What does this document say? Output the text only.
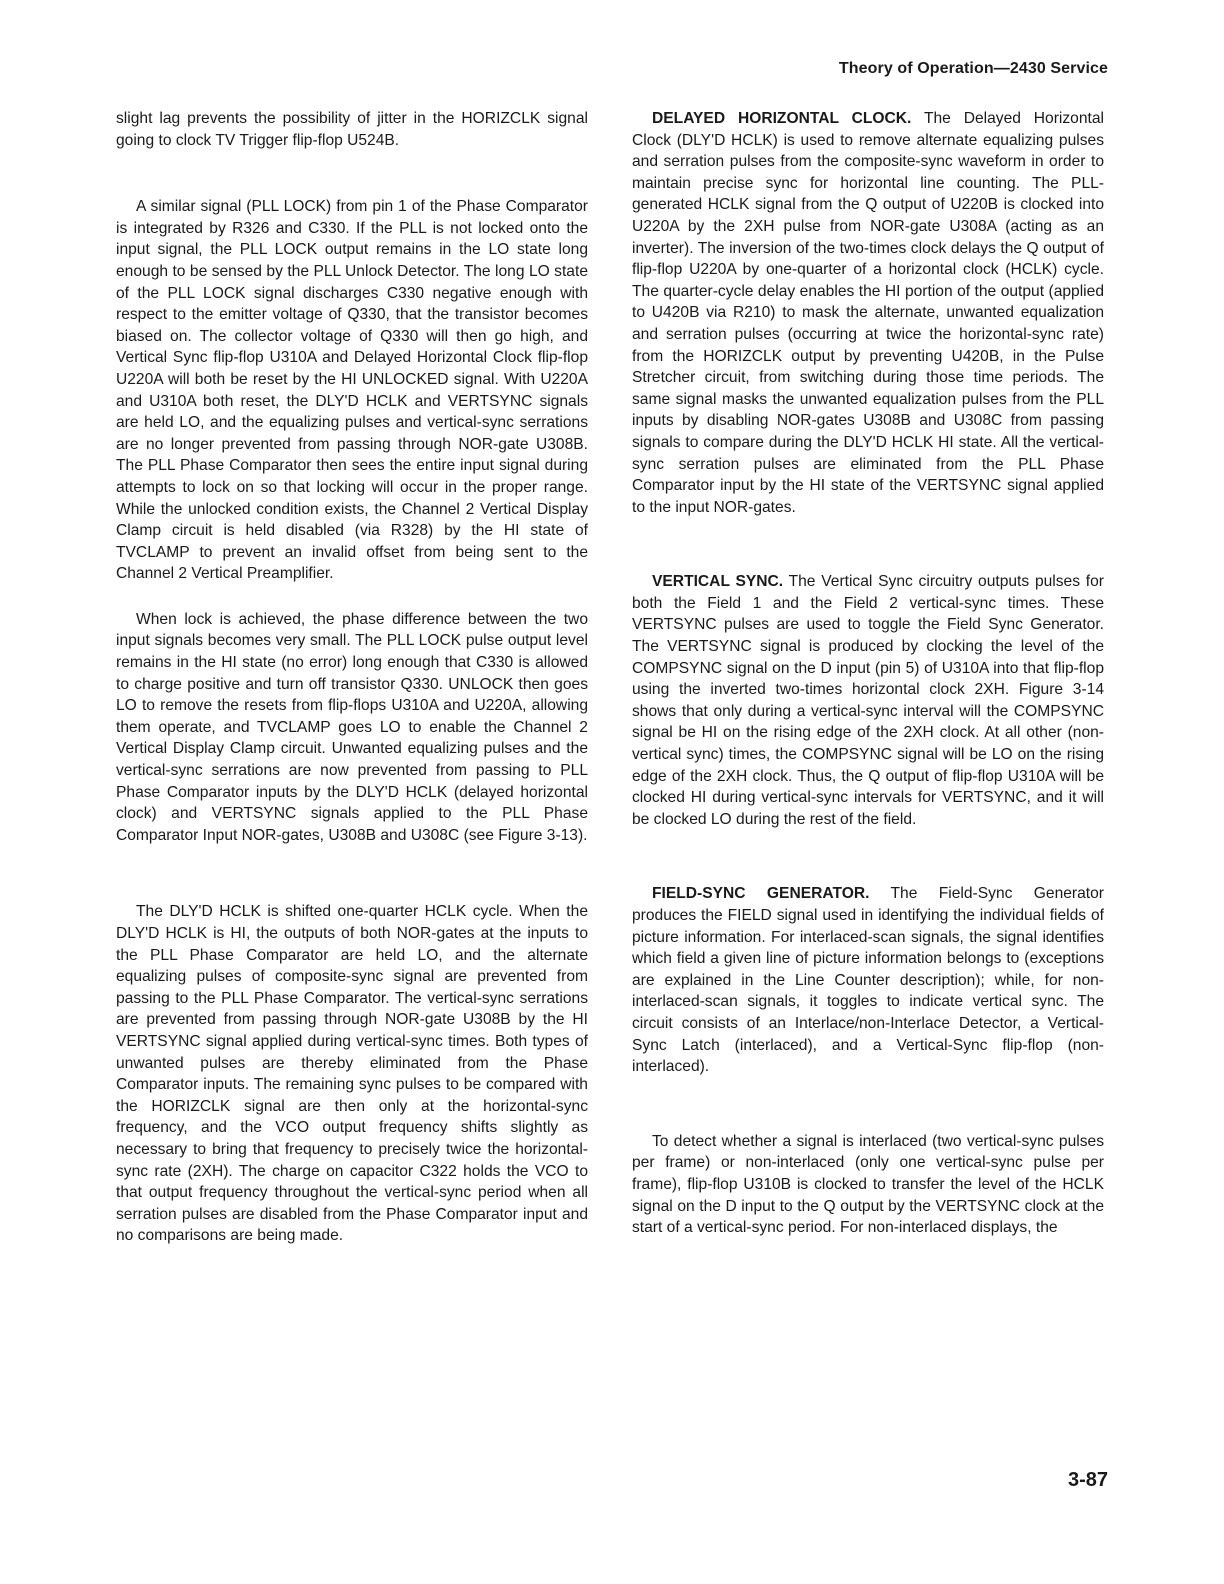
Theory of Operation—2430 Service

slight lag prevents the possibility of jitter in the HORIZCLK signal going to clock TV Trigger flip-flop U524B.

A similar signal (PLL LOCK) from pin 1 of the Phase Comparator is integrated by R326 and C330. If the PLL is not locked onto the input signal, the PLL LOCK output remains in the LO state long enough to be sensed by the PLL Unlock Detector. The long LO state of the PLL LOCK signal discharges C330 negative enough with respect to the emitter voltage of Q330, that the transistor becomes biased on. The collector voltage of Q330 will then go high, and Vertical Sync flip-flop U310A and Delayed Horizontal Clock flip-flop U220A will both be reset by the HI UNLOCKED signal. With U220A and U310A both reset, the DLY'D HCLK and VERTSYNC signals are held LO, and the equalizing pulses and vertical-sync serrations are no longer prevented from passing through NOR-gate U308B. The PLL Phase Comparator then sees the entire input signal during attempts to lock on so that locking will occur in the proper range. While the unlocked condition exists, the Channel 2 Vertical Display Clamp circuit is held disabled (via R328) by the HI state of TVCLAMP to prevent an invalid offset from being sent to the Channel 2 Vertical Preamplifier.

When lock is achieved, the phase difference between the two input signals becomes very small. The PLL LOCK pulse output level remains in the HI state (no error) long enough that C330 is allowed to charge positive and turn off transistor Q330. UNLOCK then goes LO to remove the resets from flip-flops U310A and U220A, allowing them operate, and TVCLAMP goes LO to enable the Channel 2 Vertical Display Clamp circuit. Unwanted equalizing pulses and the vertical-sync serrations are now prevented from passing to PLL Phase Comparator inputs by the DLY'D HCLK (delayed horizontal clock) and VERTSYNC signals applied to the PLL Phase Comparator Input NOR-gates, U308B and U308C (see Figure 3-13).

The DLY'D HCLK is shifted one-quarter HCLK cycle. When the DLY'D HCLK is HI, the outputs of both NOR-gates at the inputs to the PLL Phase Comparator are held LO, and the alternate equalizing pulses of composite-sync signal are prevented from passing to the PLL Phase Comparator. The vertical-sync serrations are prevented from passing through NOR-gate U308B by the HI VERTSYNC signal applied during vertical-sync times. Both types of unwanted pulses are thereby eliminated from the Phase Comparator inputs. The remaining sync pulses to be compared with the HORIZCLK signal are then only at the horizontal-sync frequency, and the VCO output frequency shifts slightly as necessary to bring that frequency to precisely twice the horizontal-sync rate (2XH). The charge on capacitor C322 holds the VCO to that output frequency throughout the vertical-sync period when all serration pulses are disabled from the Phase Comparator input and no comparisons are being made.

DELAYED HORIZONTAL CLOCK. The Delayed Horizontal Clock (DLY'D HCLK) is used to remove alternate equalizing pulses and serration pulses from the composite-sync waveform in order to maintain precise sync for horizontal line counting. The PLL-generated HCLK signal from the Q output of U220B is clocked into U220A by the 2XH pulse from NOR-gate U308A (acting as an inverter). The inversion of the two-times clock delays the Q output of flip-flop U220A by one-quarter of a horizontal clock (HCLK) cycle. The quarter-cycle delay enables the HI portion of the output (applied to U420B via R210) to mask the alternate, unwanted equalization and serration pulses (occurring at twice the horizontal-sync rate) from the HORIZCLK output by preventing U420B, in the Pulse Stretcher circuit, from switching during those time periods. The same signal masks the unwanted equalization pulses from the PLL inputs by disabling NOR-gates U308B and U308C from passing signals to compare during the DLY'D HCLK HI state. All the vertical-sync serration pulses are eliminated from the PLL Phase Comparator input by the HI state of the VERTSYNC signal applied to the input NOR-gates.

VERTICAL SYNC. The Vertical Sync circuitry outputs pulses for both the Field 1 and the Field 2 vertical-sync times. These VERTSYNC pulses are used to toggle the Field Sync Generator. The VERTSYNC signal is produced by clocking the level of the COMPSYNC signal on the D input (pin 5) of U310A into that flip-flop using the inverted two-times horizontal clock 2XH. Figure 3-14 shows that only during a vertical-sync interval will the COMPSYNC signal be HI on the rising edge of the 2XH clock. At all other (non-vertical sync) times, the COMPSYNC signal will be LO on the rising edge of the 2XH clock. Thus, the Q output of flip-flop U310A will be clocked HI during vertical-sync intervals for VERTSYNC, and it will be clocked LO during the rest of the field.

FIELD-SYNC GENERATOR. The Field-Sync Generator produces the FIELD signal used in identifying the individual fields of picture information. For interlaced-scan signals, the signal identifies which field a given line of picture information belongs to (exceptions are explained in the Line Counter description); while, for non-interlaced-scan signals, it toggles to indicate vertical sync. The circuit consists of an Interlace/non-Interlace Detector, a Vertical-Sync Latch (interlaced), and a Vertical-Sync flip-flop (non-interlaced).

To detect whether a signal is interlaced (two vertical-sync pulses per frame) or non-interlaced (only one vertical-sync pulse per frame), flip-flop U310B is clocked to transfer the level of the HCLK signal on the D input to the Q output by the VERTSYNC clock at the start of a vertical-sync period. For non-interlaced displays, the

3-87
